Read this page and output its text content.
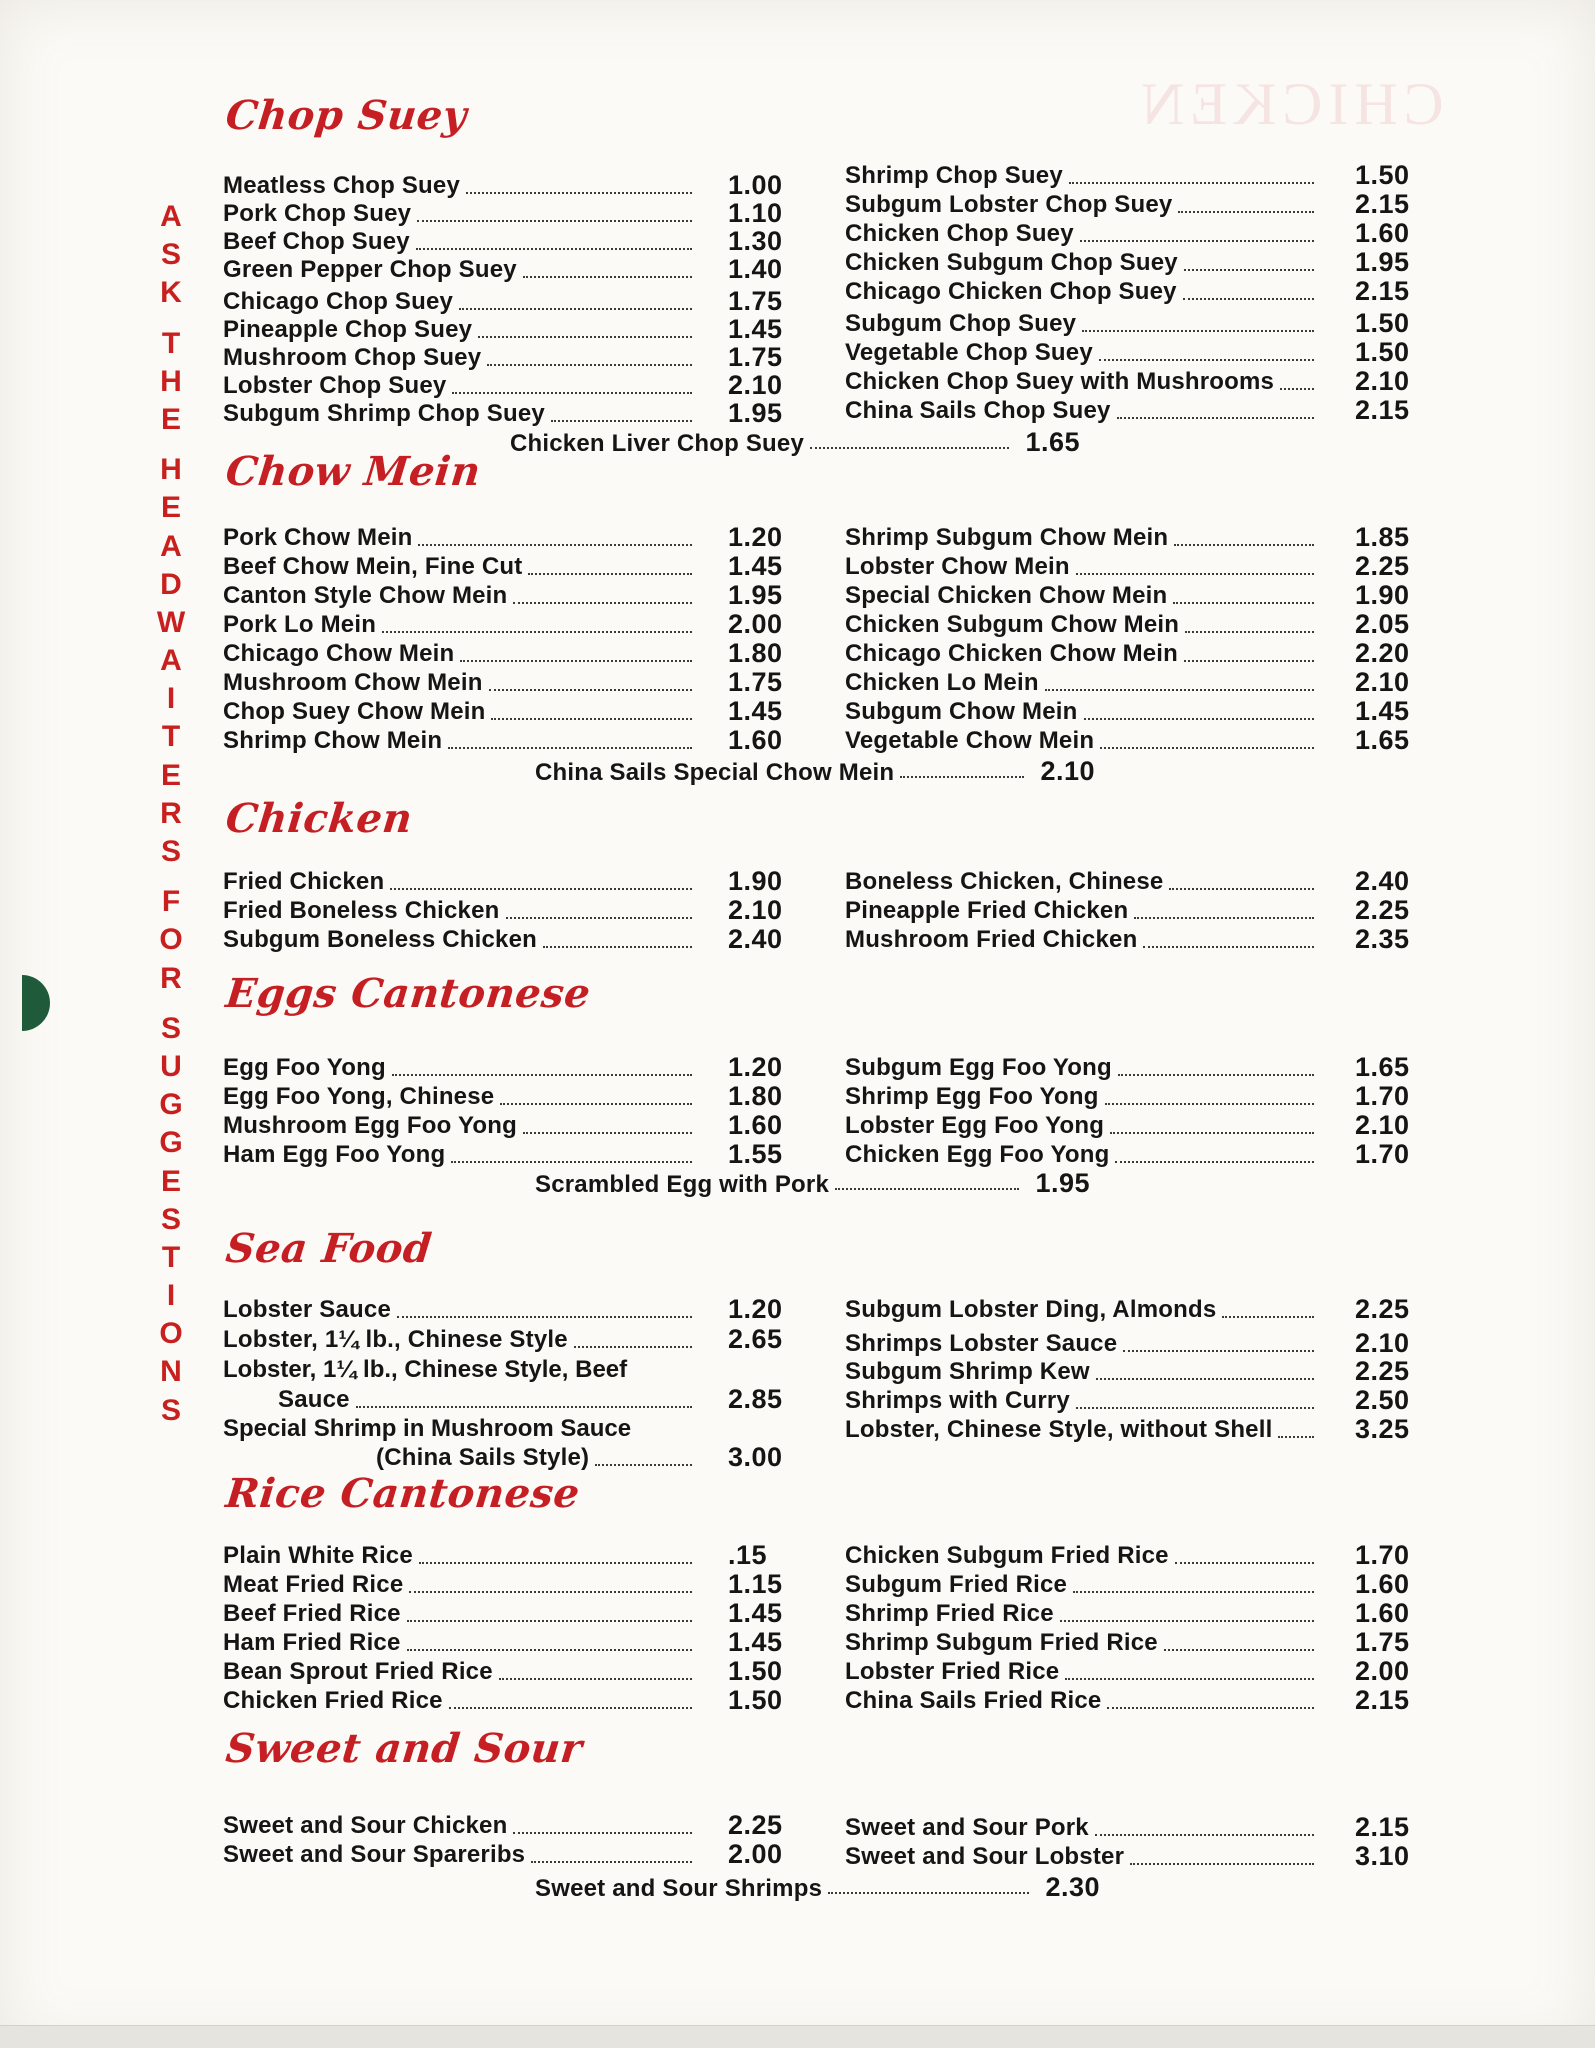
CHICKEN
A
S
K
T
H
E
H
E
A
D
W
A
I
T
E
R
S
F
O
R
S
U
G
G
E
S
T
I
O
N
S
Chop Suey
Chow Mein
Chicken
Eggs Cantonese
Sea Food
Rice Cantonese
Sweet and Sour
Meatless Chop Suey	1.00
Pork Chop Suey	1.10
Beef Chop Suey	1.30
Green Pepper Chop Suey	1.40
Chicago Chop Suey	1.75
Pineapple Chop Suey	1.45
Mushroom Chop Suey	1.75
Lobster Chop Suey	2.10
Subgum Shrimp Chop Suey	1.95
Shrimp Chop Suey	1.50
Subgum Lobster Chop Suey	2.15
Chicken Chop Suey	1.60
Chicken Subgum Chop Suey	1.95
Chicago Chicken Chop Suey	2.15
Subgum Chop Suey	1.50
Vegetable Chop Suey	1.50
Chicken Chop Suey with Mushrooms	2.10
China Sails Chop Suey	2.15
Chicken Liver Chop Suey	1.65
Pork Chow Mein	1.20
Beef Chow Mein, Fine Cut	1.45
Canton Style Chow Mein	1.95
Pork Lo Mein	2.00
Chicago Chow Mein	1.80
Mushroom Chow Mein	1.75
Chop Suey Chow Mein	1.45
Shrimp Chow Mein	1.60
Shrimp Subgum Chow Mein	1.85
Lobster Chow Mein	2.25
Special Chicken Chow Mein	1.90
Chicken Subgum Chow Mein	2.05
Chicago Chicken Chow Mein	2.20
Chicken Lo Mein	2.10
Subgum Chow Mein	1.45
Vegetable Chow Mein	1.65
China Sails Special Chow Mein	2.10
Fried Chicken	1.90
Fried Boneless Chicken	2.10
Subgum Boneless Chicken	2.40
Boneless Chicken, Chinese	2.40
Pineapple Fried Chicken	2.25
Mushroom Fried Chicken	2.35
Egg Foo Yong	1.20
Egg Foo Yong, Chinese	1.80
Mushroom Egg Foo Yong	1.60
Ham Egg Foo Yong	1.55
Subgum Egg Foo Yong	1.65
Shrimp Egg Foo Yong	1.70
Lobster Egg Foo Yong	2.10
Chicken Egg Foo Yong	1.70
Scrambled Egg with Pork	1.95
Lobster Sauce	1.20
Lobster, 1¼ lb., Chinese Style	2.65
Lobster, 1¼ lb., Chinese Style, Beef
Sauce	2.85
Special Shrimp in Mushroom Sauce
(China Sails Style)	3.00
Subgum Lobster Ding, Almonds	2.25
Shrimps Lobster Sauce	2.10
Subgum Shrimp Kew	2.25
Shrimps with Curry	2.50
Lobster, Chinese Style, without Shell	3.25
Plain White Rice	.15
Meat Fried Rice	1.15
Beef Fried Rice	1.45
Ham Fried Rice	1.45
Bean Sprout Fried Rice	1.50
Chicken Fried Rice	1.50
Chicken Subgum Fried Rice	1.70
Subgum Fried Rice	1.60
Shrimp Fried Rice	1.60
Shrimp Subgum Fried Rice	1.75
Lobster Fried Rice	2.00
China Sails Fried Rice	2.15
Sweet and Sour Chicken	2.25
Sweet and Sour Spareribs	2.00
Sweet and Sour Pork	2.15
Sweet and Sour Lobster	3.10
Sweet and Sour Shrimps	2.30
